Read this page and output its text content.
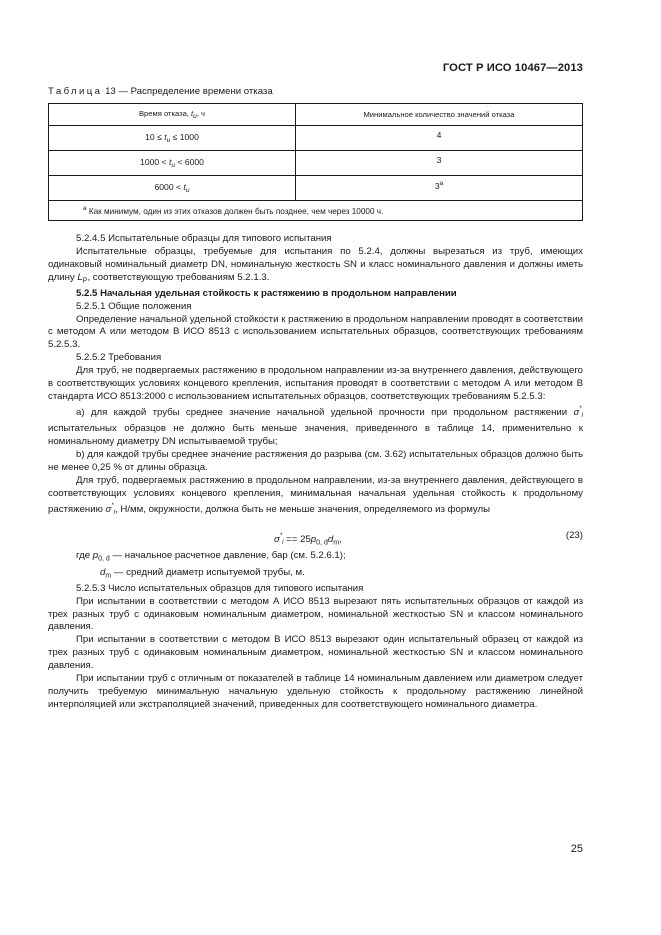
ГОСТ Р ИСО 10467—2013
Таблица 13 — Распределение времени отказа
Время отказа, $t_u$, ч	Минимальное количество значений отказа
$10 \le t_u \le 1000$	4
$1000 < t_u < 6000$	3
$6000 < t_u$	3$^a$
$^a$ Как минимум, один из этих отказов должен быть позднее, чем через 10000 ч.	

5.2.4.5 Испытательные образцы для типового испытания

Испытательные образцы, требуемые для испытания по 5.2.4, должны вырезаться из труб, имеющих одинаковый номинальный диаметр DN, номинальную жесткость SN и класс номинального давления и должны иметь длину $L_P$, соответствующую требованиям 5.2.1.3.

5.2.5 Начальная удельная стойкость к растяжению в продольном направлении

5.2.5.1 Общие положения

Определение начальной удельной стойкости к растяжению в продольном направлении проводят в соответствии с методом А или методом В ИСО 8513 с использованием испытательных образцов, соответствующих требованиям 5.2.5.3.

5.2.5.2 Требования

Для труб, не подвергаемых растяжению в продольном направлении из-за внутреннего давления, действующего в соответствующих условиях концевого крепления, испытания проводят в соответствии с методом А или методом В стандарта ИСО 8513:2000 с использованием испытательных образцов, соответствующих требованиям 5.2.5.3:

а) для каждой трубы среднее значение начальной удельной прочности при продольном растяжении $\sigma^*_l$ испытательных образцов не должно быть меньше значения, приведенного в таблице 14, применительно к номинальному диаметру DN испытываемой трубы;

b) для каждой трубы среднее значение растяжения до разрыва (см. 3.62) испытательных образцов должно быть не менее 0,25 % от длины образца.

Для труб, подвергаемых растяжению в продольном направлении, из-за внутреннего давления, действующего в соответствующих условиях концевого крепления, минимальная начальная удельная стойкость к продольному растяжению $\sigma^*_l$, Н/мм, окружности, должна быть не меньше значения, определяемого из формулы

$\sigma^*_l == 25p_{0, d}d_m$,	(23)

где $p_{0, d}$ — начальное расчетное давление, бар (см. 5.2.6.1);

$d_m$ — средний диаметр испытуемой трубы, м.

5.2.5.3 Число испытательных образцов для типового испытания

При испытании в соответствии с методом А ИСО 8513 вырезают пять испытательных образцов от каждой из трех разных труб с одинаковым номинальным диаметром, номинальной жесткостью SN и классом номинального давления.

При испытании в соответствии с методом В ИСО 8513 вырезают один испытательный образец от каждой из трех разных труб с одинаковым номинальным диаметром, номинальной жесткостью SN и классом номинального давления.

При испытании труб с отличным от показателей в таблице 14 номинальным давлением или диаметром следует получить требуемую минимальную начальную удельную стойкость к продольному растяжению линейной интерполяцией или экстраполяцией значений, приведенных для соответствующего номинального диаметра.

25
